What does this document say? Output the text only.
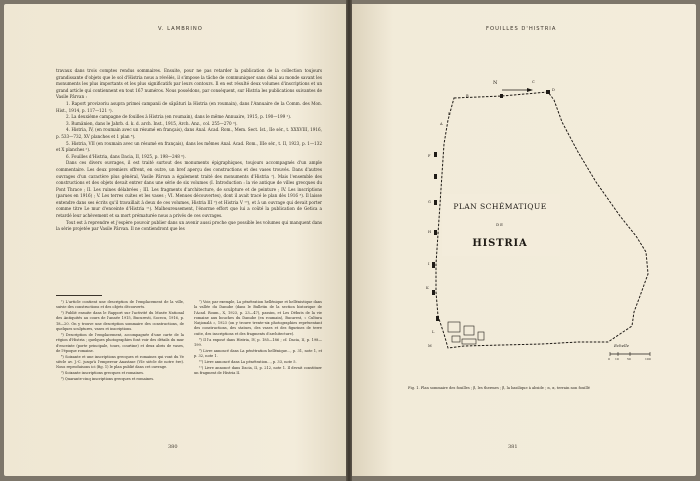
V. LAMBRINO

travaux dans trois comptes rendus sommaires. Ensuite, pour ne pas retarder la publication de la collection toujours grandissante d'objets que le sol d'Histria nous a révélés, il s'impose la tâche de communiquer sans délai au monde savant les monuments les plus importants et les plus significatifs par leurs contours. Il en est résulté deux volumes d'inscriptions et un grand article qui contiennent en tout 167 numéros. Nous possédons, par conséquent, sur Histria les publications suivantes de Vasile Pârvan :

1. Raport provizoriu asupra primei campanii de săpături la Histria (en roumain), dans l'Annuaire de la Comm. des Mon. Hist., 1914, p. 117—121 ¹).

2. La deuxième campagne de fouilles à Histria (en roumain), dans le même Annuaire, 1915, p. 190—199 ²).

3. Rumänien, dans le Jahrb. d. k. d. arch. Inst., 1915, Arch. Anz., col. 255—270 ³).

4. Histria, IV, (en roumain avec un résumé en français), dans Anal. Acad. Rom., Mem. Sect. Ist., IIe sér., t. XXXVIII, 1916, p. 533—732, XV planches et 1 plan ⁴).

5. Histria, VII (en roumain avec un résumé en français), dans les mêmes Anal. Acad. Rom., IIIe sér., t. II, 1923, p. 1—132 et X planches ⁵).

6. Fouilles d'Histria, dans Dacia, II, 1925, p. 198—248 ⁶).

Dans ces divers ouvrages, il est traité surtout des monuments épigraphiques, toujours accompagnés d'un ample commentaire. Les deux premiers offrent, en outre, un bref aperçu des constructions et des vases trouvés. Dans d'autres ouvrages d'un caractère plus général, Vasile Pârvan a également traité des monuments d'Histria ⁷). Mais l'ensemble des constructions et des objets devait entrer dans une série de six volumes (I. Introduction : la vie antique de villes grecques du Pont Thrace ; II. Les ruines délabrées ; III. Les fragments d'architecture, de sculpture et de peinture ; IV. Les inscriptions (parues en 1916) ; V. Les terres cuites et les vases ; VI. Menues découvertes), dont il avait tracé le plan dès 1916 ⁸). Il laisse entendre dans ses écrits qu'il travaillait à deux de ces volumes, Histria III ⁹) et Histria V ¹⁰), et à un ouvrage qui devait porter comme titre Le mur d'enceinte d'Histria ¹¹). Malheureusement, l'énorme effort que lui a coûté la publication de Getica a retardé leur achèvement et sa mort prématurée nous a privés de ces ouvrages.

Tout est à reprendre et j'espère pouvoir publier dans un avenir aussi proche que possible les volumes qui manquent dans la série projetée par Vasile Pârvan. Il ne contiendront que les

¹) L'article contient une description de l'emplacement de la ville, suivie des constructions et des objets découverts.

²) Publié ensuite dans le Rapport sur l'activité du Musée National des Antiquités au cours de l'année 1915, Bucuresti, Socecu, 1916, p. 18—20. On y trouve une description sommaire des constructions, de quelques sculptures, vases et inscriptions.

³) Description de l'emplacement, accompagnée d'une carte de la région d'Histria ; quelques photographies font voir des détails du mur d'enceinte (porte principale, tours, courtine) et deux abris de vases, de l'époque romaine.

⁴) Soixante et une inscriptions grecques et romaines qui vont du Ve siècle av. J.-C. jusqu'à l'empereur Anastase (VIe siècle de notre ère). Nous reproduisons ici (fig. 1) le plan publié dans cet ouvrage.

⁵) Soixante inscriptions grecques et romaines.

⁶) Quarante-cinq inscriptions grecques et romaines.

⁷) Voir, par exemple, La pénétration hellénique et hellénistique dans la vallée du Danube (dans le Bulletin de la section historique de l'Acad. Roum., X, 1923, p. 23—47), passim, et Les Débuts de la vie romaine aux bouches du Danube (en roumain), Bucarest, « Cultura Naţională », 1923 (on y trouve trente-six photographies représentant des constructions, des statues, des vases et des figurines de terre cuite, des inscriptions et des fragments d'architecture).

⁸) Il l'a exposé dans Histria, IV, p. 185—186 ; cf. Dacia, II, p. 198—199.

⁹) Livre annoncé dans La pénétration hellénique..., p. 31, note 1, et p. 32, note 1.

¹⁰) Livre annoncé dans La pénétration..., p. 33, note 5.

¹¹) Livre annoncé dans Dacia, II, p. 212, note 1. Il devait constituer un fragment de Histria II.

380
FOUILLES D'HISTRIA
N
B
C
D
E
A
F
G
H
I
K
L
M
PLAN SCHÉMATIQUE
DE
HISTRIA
Echelle
0 10	50	100
Fig. 1. Plan sommaire des fouilles ; β, les thermes ; β, la basilique à abside ; α, α, terrain non fouillé
381
